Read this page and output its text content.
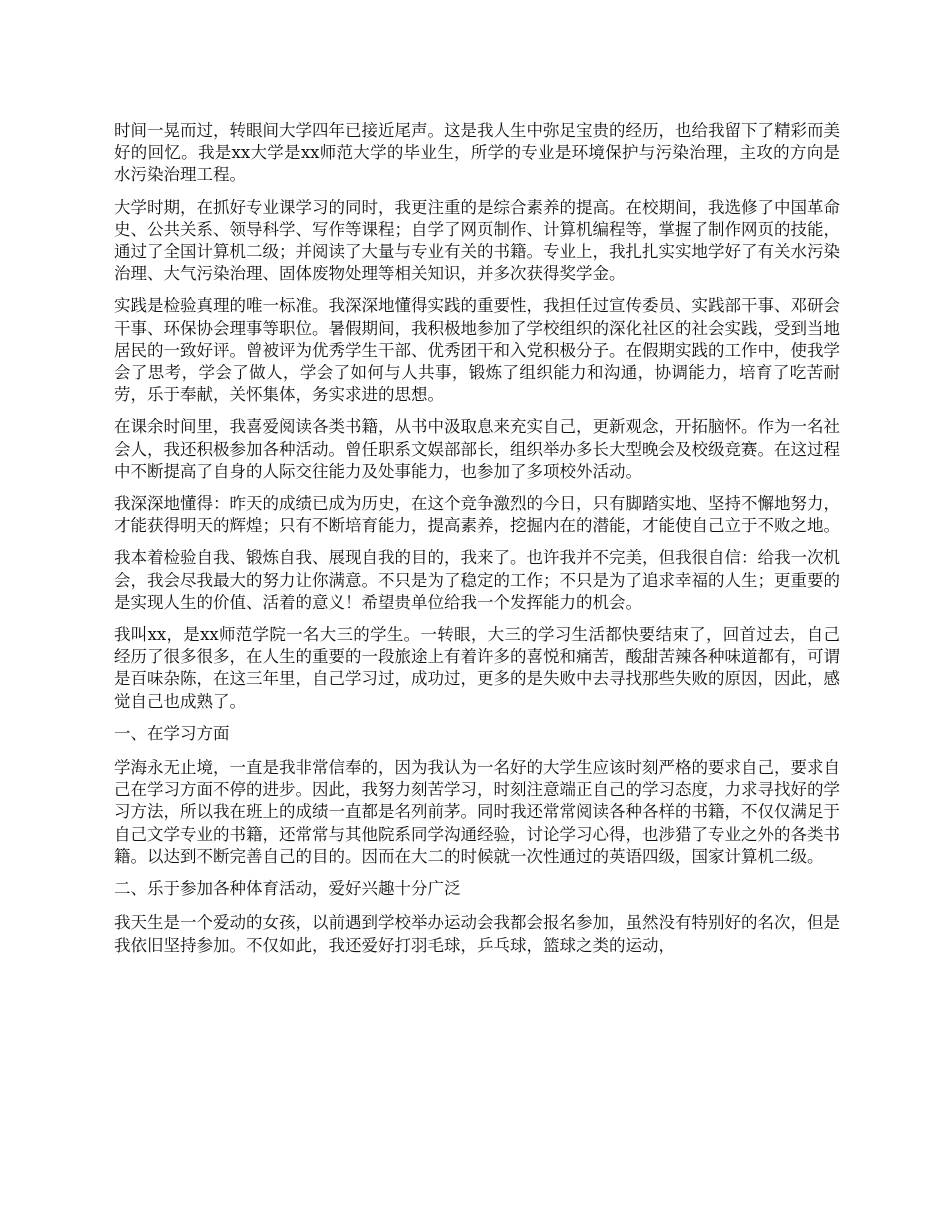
时间一晃而过，转眼间大学四年已接近尾声。这是我人生中弥足宝贵的经历，也给我留下了精彩而美好的回忆。我是xx大学是xx师范大学的毕业生，所学的专业是环境保护与污染治理，主攻的方向是水污染治理工程。

大学时期，在抓好专业课学习的同时，我更注重的是综合素养的提高。在校期间，我选修了中国革命史、公共关系、领导科学、写作等课程；自学了网页制作、计算机编程等，掌握了制作网页的技能，通过了全国计算机二级；并阅读了大量与专业有关的书籍。专业上，我扎扎实实地学好了有关水污染治理、大气污染治理、固体废物处理等相关知识，并多次获得奖学金。

实践是检验真理的唯一标准。我深深地懂得实践的重要性，我担任过宣传委员、实践部干事、邓研会干事、环保协会理事等职位。暑假期间，我积极地参加了学校组织的深化社区的社会实践，受到当地居民的一致好评。曾被评为优秀学生干部、优秀团干和入党积极分子。在假期实践的工作中，使我学会了思考，学会了做人，学会了如何与人共事，锻炼了组织能力和沟通，协调能力，培育了吃苦耐劳，乐于奉献，关怀集体，务实求进的思想。

在课余时间里，我喜爱阅读各类书籍，从书中汲取息来充实自己，更新观念，开拓脑怀。作为一名社会人，我还积极参加各种活动。曾任职系文娱部部长，组织举办多长大型晚会及校级竞赛。在这过程中不断提高了自身的人际交往能力及处事能力，也参加了多项校外活动。

我深深地懂得：昨天的成绩已成为历史，在这个竞争激烈的今日，只有脚踏实地、坚持不懈地努力，才能获得明天的辉煌；只有不断培育能力，提高素养，挖掘内在的潜能，才能使自己立于不败之地。

我本着检验自我、锻炼自我、展现自我的目的，我来了。也许我并不完美，但我很自信：给我一次机会，我会尽我最大的努力让你满意。不只是为了稳定的工作；不只是为了追求幸福的人生；更重要的是实现人生的价值、活着的意义！希望贵单位给我一个发挥能力的机会。

我叫xx，是xx师范学院一名大三的学生。一转眼，大三的学习生活都快要结束了，回首过去，自己经历了很多很多，在人生的重要的一段旅途上有着许多的喜悦和痛苦，酸甜苦辣各种味道都有，可谓是百味杂陈，在这三年里，自己学习过，成功过，更多的是失败中去寻找那些失败的原因，因此，感觉自己也成熟了。

一、在学习方面

学海永无止境，一直是我非常信奉的，因为我认为一名好的大学生应该时刻严格的要求自己，要求自己在学习方面不停的进步。因此，我努力刻苦学习，时刻注意端正自己的学习态度，力求寻找好的学习方法，所以我在班上的成绩一直都是名列前茅。同时我还常常阅读各种各样的书籍，不仅仅满足于自己文学专业的书籍，还常常与其他院系同学沟通经验，讨论学习心得，也涉猎了专业之外的各类书籍。以达到不断完善自己的目的。因而在大二的时候就一次性通过的英语四级，国家计算机二级。

二、乐于参加各种体育活动，爱好兴趣十分广泛

我天生是一个爱动的女孩，以前遇到学校举办运动会我都会报名参加，虽然没有特别好的名次，但是我依旧坚持参加。不仅如此，我还爱好打羽毛球，乒乓球，篮球之类的运动，
